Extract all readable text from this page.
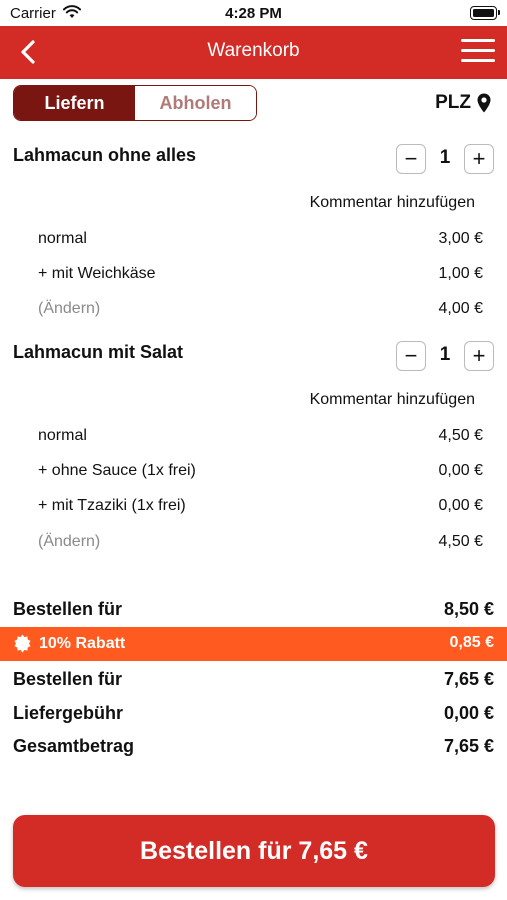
Carrier	4:28 PM
Warenkorb
Liefern	Abholen	PLZ
Lahmacun ohne alles	−	1	+
Kommentar hinzufügen
normal	3,00 €
+ mit Weichkäse	1,00 €
(Ändern)	4,00 €
Lahmacun mit Salat	−	1	+
Kommentar hinzufügen
normal	4,50 €
+ ohne Sauce (1x frei)	0,00 €
+ mit Tzaziki (1x frei)	0,00 €
(Ändern)	4,50 €
Bestellen für	8,50 €
10% Rabatt	0,85 €
Bestellen für	7,65 €
Liefergebühr	0,00 €
Gesamtbetrag	7,65 €
Bestellen für 7,65 €
